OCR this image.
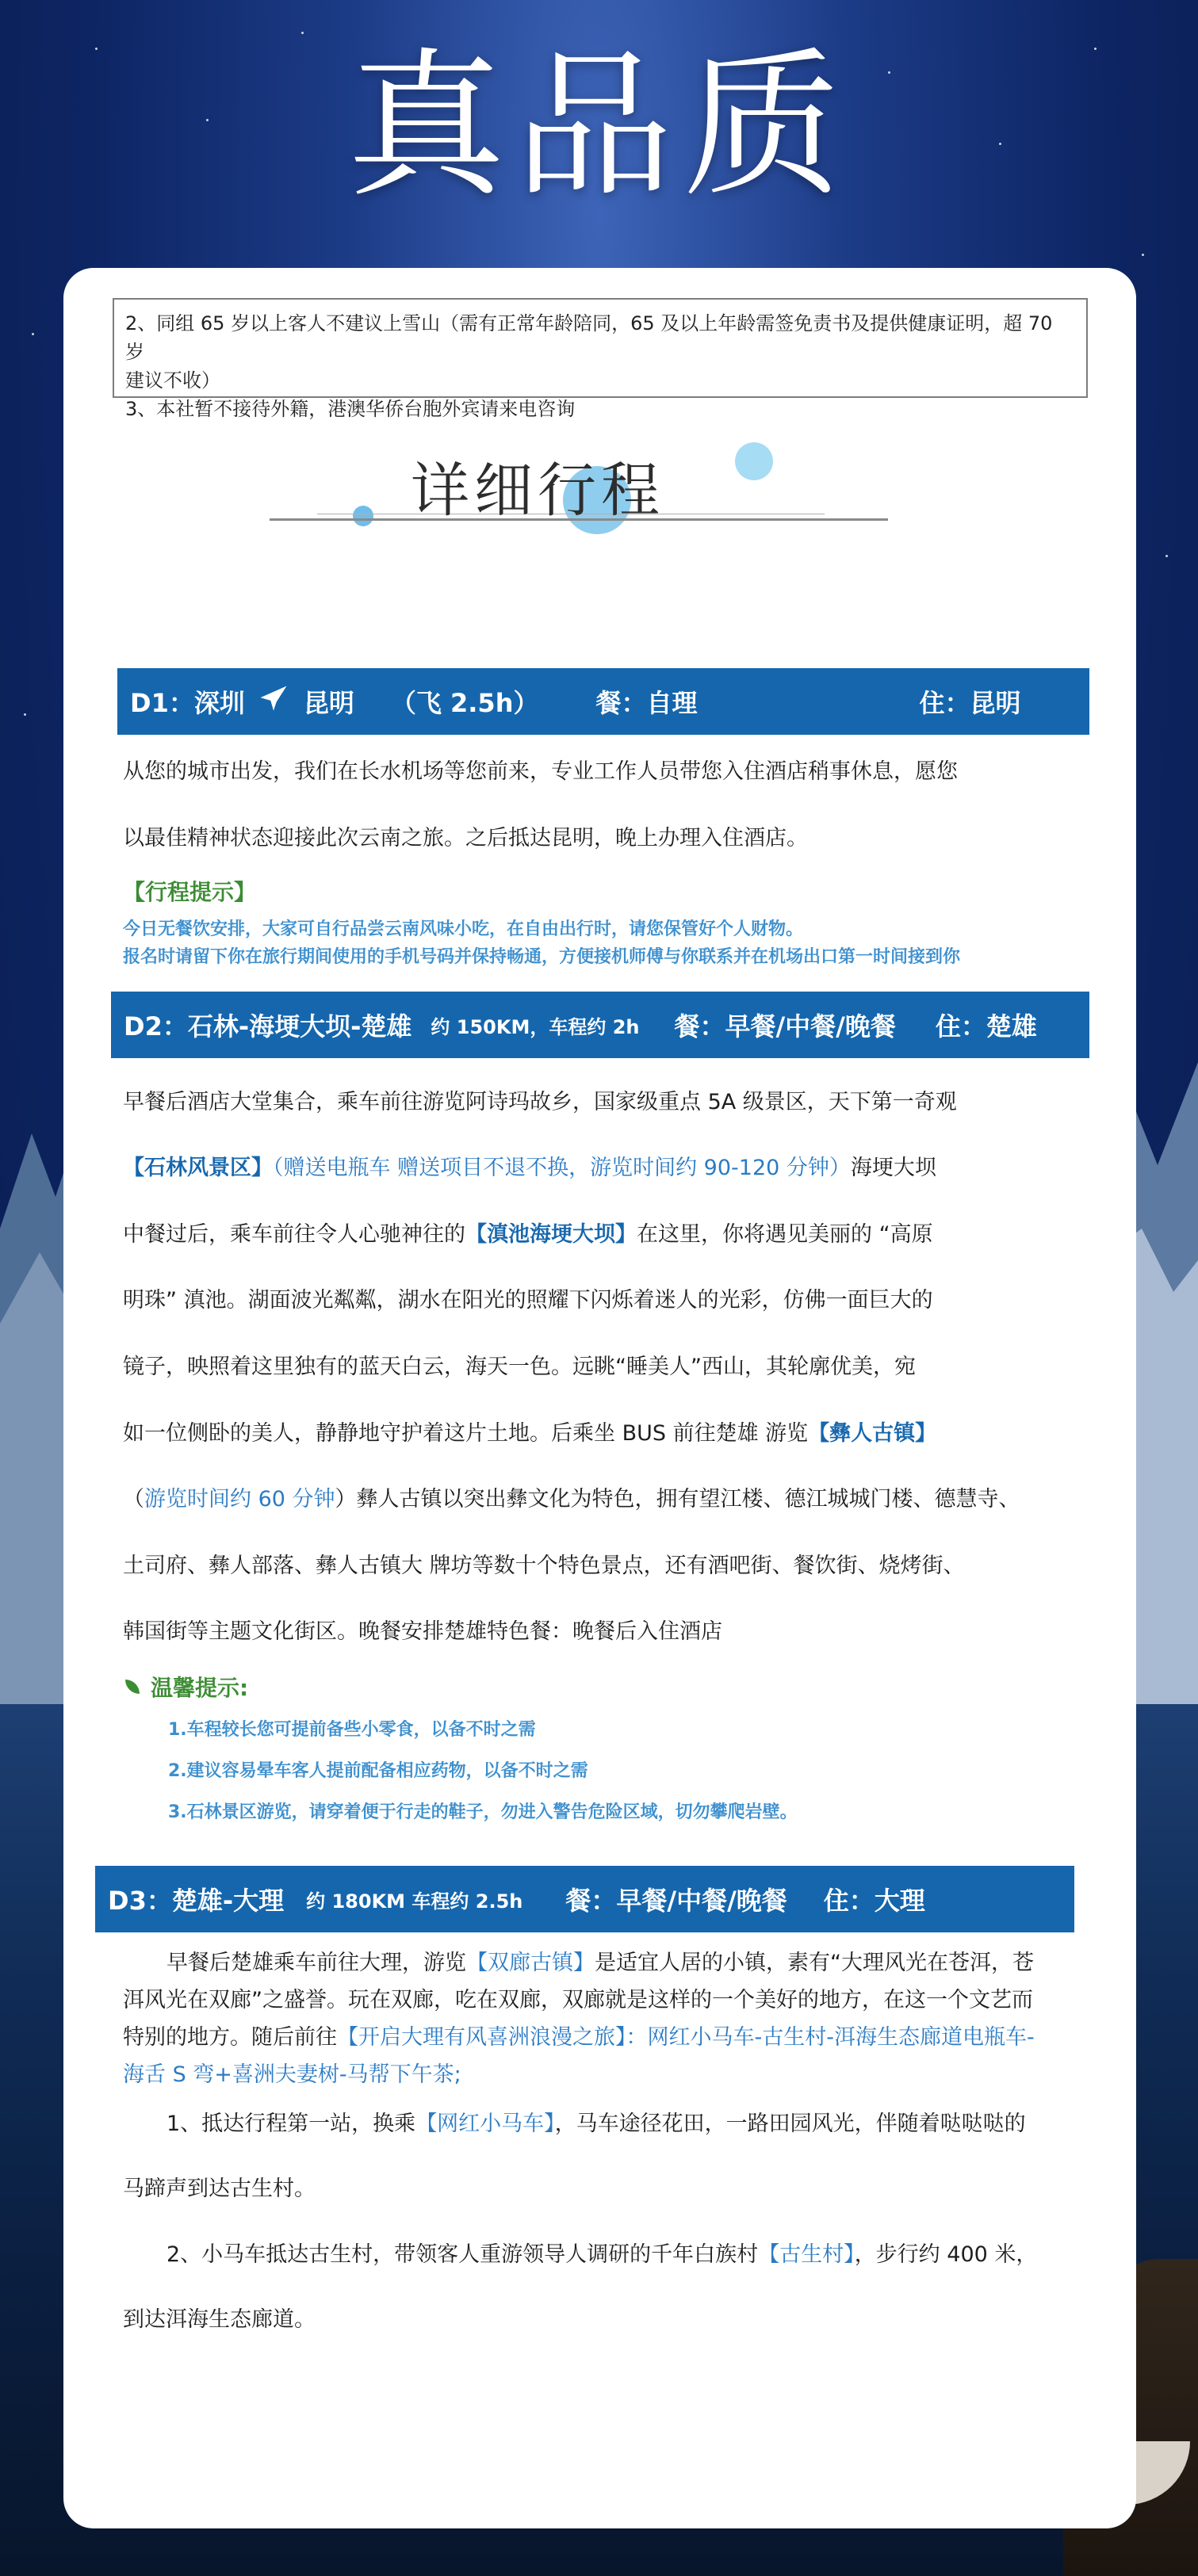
真品质
2、同组 65 岁以上客人不建议上雪山（需有正常年龄陪同，65 及以上年龄需签免责书及提供健康证明，超 70 岁
建议不收）
3、本社暂不接待外籍，港澳华侨台胞外宾请来电咨询
详细行程
D1：深圳 昆明 （飞 2.5h） 餐：自理	住：昆明
从您的城市出发，我们在长水机场等您前来，专业工作人员带您入住酒店稍事休息，愿您
以最佳精神状态迎接此次云南之旅。之后抵达昆明，晚上办理入住酒店。
【行程提示】
今日无餐饮安排，大家可自行品尝云南风味小吃，在自由出行时，请您保管好个人财物。
报名时请留下你在旅行期间使用的手机号码并保持畅通，方便接机师傅与你联系并在机场出口第一时间接到你
D2：石林-海埂大坝-楚雄 约 150KM，车程约 2h 餐：早餐/中餐/晚餐 住：楚雄
早餐后酒店大堂集合，乘车前往游览阿诗玛故乡，国家级重点 5A 级景区，天下第一奇观
【石林风景区】（赠送电瓶车 赠送项目不退不换，游览时间约 90-120 分钟）海埂大坝
中餐过后，乘车前往令人心驰神往的【滇池海埂大坝】在这里，你将遇见美丽的 “高原
明珠” 滇池。湖面波光粼粼，湖水在阳光的照耀下闪烁着迷人的光彩，仿佛一面巨大的
镜子，映照着这里独有的蓝天白云，海天一色。远眺“睡美人”西山，其轮廓优美，宛
如一位侧卧的美人，静静地守护着这片土地。后乘坐 BUS 前往楚雄 游览【彝人古镇】
（游览时间约 60 分钟）彝人古镇以突出彝文化为特色，拥有望江楼、德江城城门楼、德慧寺、
土司府、彝人部落、彝人古镇大 牌坊等数十个特色景点，还有酒吧街、餐饮街、烧烤街、
韩国街等主题文化街区。晚餐安排楚雄特色餐：晚餐后入住酒店
温馨提示:
1.车程较长您可提前备些小零食，以备不时之需
2.建议容易晕车客人提前配备相应药物，以备不时之需
3.石林景区游览，请穿着便于行走的鞋子，勿进入警告危险区域，切勿攀爬岩壁。
D3：楚雄-大理 约 180KM 车程约 2.5h 餐：早餐/中餐/晚餐 住：大理
早餐后楚雄乘车前往大理，游览【双廊古镇】是适宜人居的小镇，素有“大理风光在苍洱，苍
洱风光在双廊”之盛誉。玩在双廊，吃在双廊，双廊就是这样的一个美好的地方，在这一个文艺而
特别的地方。随后前往【开启大理有风喜洲浪漫之旅】：网红小马车-古生村-洱海生态廊道电瓶车-
海舌 S 弯+喜洲夫妻树-马帮下午茶;
1、抵达行程第一站，换乘【网红小马车】，马车途径花田，一路田园风光，伴随着哒哒哒的
马蹄声到达古生村。
2、小马车抵达古生村，带领客人重游领导人调研的千年白族村【古生村】，步行约 400 米，
到达洱海生态廊道。
